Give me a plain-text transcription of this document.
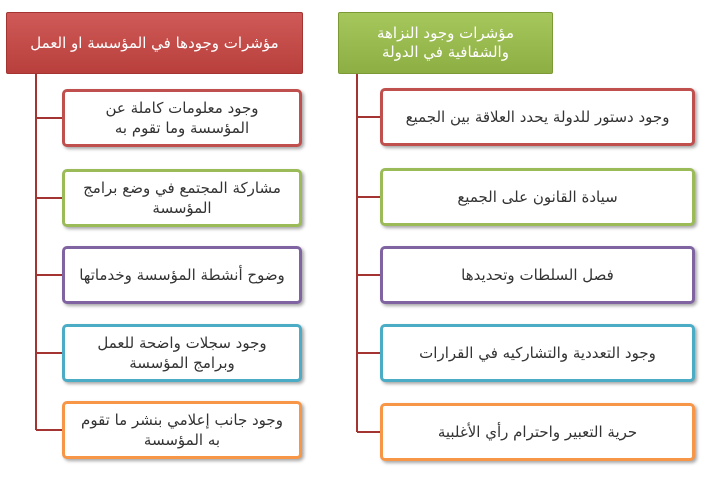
مؤشرات وجودها في المؤسسة او العمل
مؤشرات وجود النزاهة والشفافية في الدولة
وجود معلومات كاملة عن المؤسسة وما تقوم به
مشاركة المجتمع في وضع برامج المؤسسة
وضوح أنشطة المؤسسة وخدماتها
وجود سجلات واضحة للعمل وبرامج المؤسسة
وجود جانب إعلامي بنشر ما تقوم به المؤسسة
وجود دستور للدولة يحدد العلاقة بين الجميع
سيادة القانون على الجميع
فصل السلطات وتحديدها
وجود التعددية والتشاركيه في القرارات
حرية التعبير واحترام رأي الأغلبية
